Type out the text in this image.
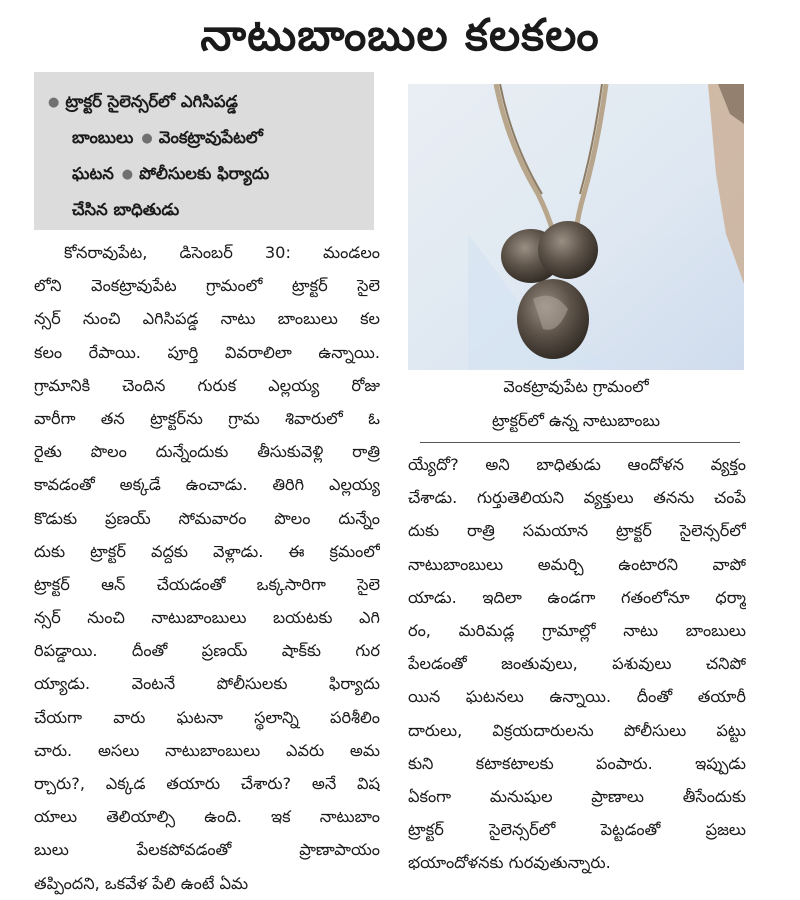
నాటుబాంబుల కలకలం
● ట్రాక్టర్ సైలెన్సర్‌లో ఎగిసిపడ్డ
బాంబులు ● వెంకట్రావుపేటలో
ఘటన ● పోలీసులకు ఫిర్యాదు
చేసిన బాధితుడు
వెంకట్రావుపేట గ్రామంలో
ట్రాక్టర్‌లో ఉన్న నాటుబాంబు
కోనరావుపేట, డిసెంబర్ 30: మండలం
లోని వెంకట్రావుపేట గ్రామంలో ట్రాక్టర్ సైలె
న్సర్ నుంచి ఎగిసిపడ్డ నాటు బాంబులు కల
కలం రేపాయి. పూర్తి వివరాలిలా ఉన్నాయి.
గ్రామానికి చెందిన గురుక ఎల్లయ్య రోజు
వారీగా తన ట్రాక్టర్‌ను గ్రామ శివారులో ఓ
రైతు పొలం దున్నేందుకు తీసుకువెళ్లి రాత్రి
కావడంతో అక్కడే ఉంచాడు. తిరిగి ఎల్లయ్య
కొడుకు ప్రణయ్ సోమవారం పొలం దున్నేం
దుకు ట్రాక్టర్ వద్దకు వెళ్లాడు. ఈ క్రమంలో
ట్రాక్టర్ ఆన్ చేయడంతో ఒక్కసారిగా సైలె
న్సర్ నుంచి నాటుబాంబులు బయటకు ఎగి
రిపడ్డాయి. దీంతో ప్రణయ్ షాక్‌కు గుర
య్యాడు. వెంటనే పోలీసులకు ఫిర్యాదు
చేయగా వారు ఘటనా స్థలాన్ని పరిశీలిం
చారు. అసలు నాటుబాంబులు ఎవరు అమ
ర్చారు?, ఎక్కడ తయారు చేశారు? అనే విష
యాలు తెలియాల్సి ఉంది. ఇక నాటుబాం
బులు పేలకపోవడంతో ప్రాణాపాయం
తప్పిందని, ఒకవేళ పేలి ఉంటే ఏమ
య్యేదో? అని బాధితుడు ఆందోళన వ్యక్తం
చేశాడు. గుర్తుతెలియని వ్యక్తులు తనను చంపే
దుకు రాత్రి సమయాన ట్రాక్టర్ సైలెన్సర్‌లో
నాటుబాంబులు అమర్చి ఉంటారని వాపో
యాడు. ఇదిలా ఉండగా గతంలోనూ ధర్మా
రం, మరిమడ్ల గ్రామాల్లో నాటు బాంబులు
పేలడంతో జంతువులు, పశువులు చనిపో
యిన ఘటనలు ఉన్నాయి. దీంతో తయారీ
దారులు, విక్రయదారులను పోలీసులు పట్టు
కుని కటాకటాలకు పంపారు. ఇప్పుడు
ఏకంగా మనుషుల ప్రాణాలు తీసేందుకు
ట్రాక్టర్ సైలెన్సర్‌లో పెట్టడంతో ప్రజలు
భయాందోళనకు గురవుతున్నారు.
